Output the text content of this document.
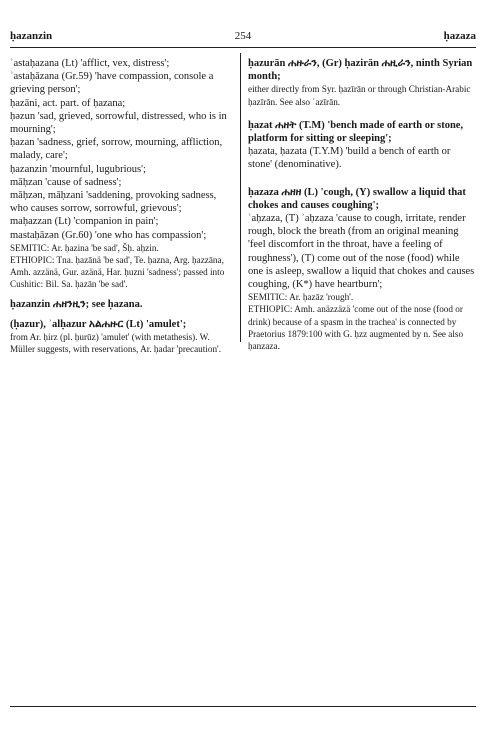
ḥazanzin	254	ḥazaza

ʾastaḥazana (Lt) 'afflict, vex, distress';

ʾastaḥāzana (Gr.59) 'have compassion, console a grieving person';

ḥazāni, act. part. of ḥazana;

ḥəzun 'sad, grieved, sorrowful, distressed, who is in mourning';

ḥazan 'sadness, grief, sorrow, mourning, affliction, malady, care';

ḥazanzin 'mournful, lugubrious';

māḥzan 'cause of sadness';

māḥzən, māḥzani 'saddening, provoking sadness, who causes sorrow, sorrowful, grievous';

maḥazzan (Lt) 'companion in pain';

mastaḥāzən (Gr.60) 'one who has compassion';

SEMITIC: Ar. ḥazina 'be sad', Šḥ. aḥzin.

ETHIOPIC: Tna. ḥazānä 'be sad', Te. ḥazna, Arg. ḥazzāna, Amh. azzänä, Gur. azänä, Har. ḥuzni 'sadness'; passed into Cushitic: Bil. Sa. ḥazān 'be sad'.

ḥazanzin ሐዘንዚን; see ḥazana.

(ḥazur), ʾalḥazur አልሐዙር (Lt) 'amulet';

from Ar. ḥirz (pl. ḥurūz) 'amulet' (with metathesis). W. Müller suggests, with reservations, Ar. ḥadar 'precaution'.

ḥazurān ሐዙራን, (Gr) ḥazirān ሐዚራን, ninth Syrian month;

either directly from Syr. ḥazīrān or through Christian-Arabic ḥazīrān. See also ʾazīrān.

ḥazat ሐዘት (T.M) 'bench made of earth or stone, platform for sitting or sleeping';

ḥazata, ḥazata (T.Y.M) 'build a bench of earth or stone' (denominative).

ḥazaza ሐዘዘ (L) 'cough, (Y) swallow a liquid that chokes and causes coughing';

ʾaḥzaza, (T) ʾaḥzaza 'cause to cough, irritate, render rough, block the breath (from an original meaning 'feel discomfort in the throat, have a feeling of roughness'), (T) come out of the nose (food) while one is asleep, swallow a liquid that chokes and causes coughing, (K*) have heartburn';

SEMITIC: Ar. ḥazāz 'rough'.

ETHIOPIC: Amh. anäzzäzä 'come out of the nose (food or drink) because of a spasm in the trachea' is connected by Praetorius 1879:100 with G. ḥzz augmented by n. See also ḥanzaza.
